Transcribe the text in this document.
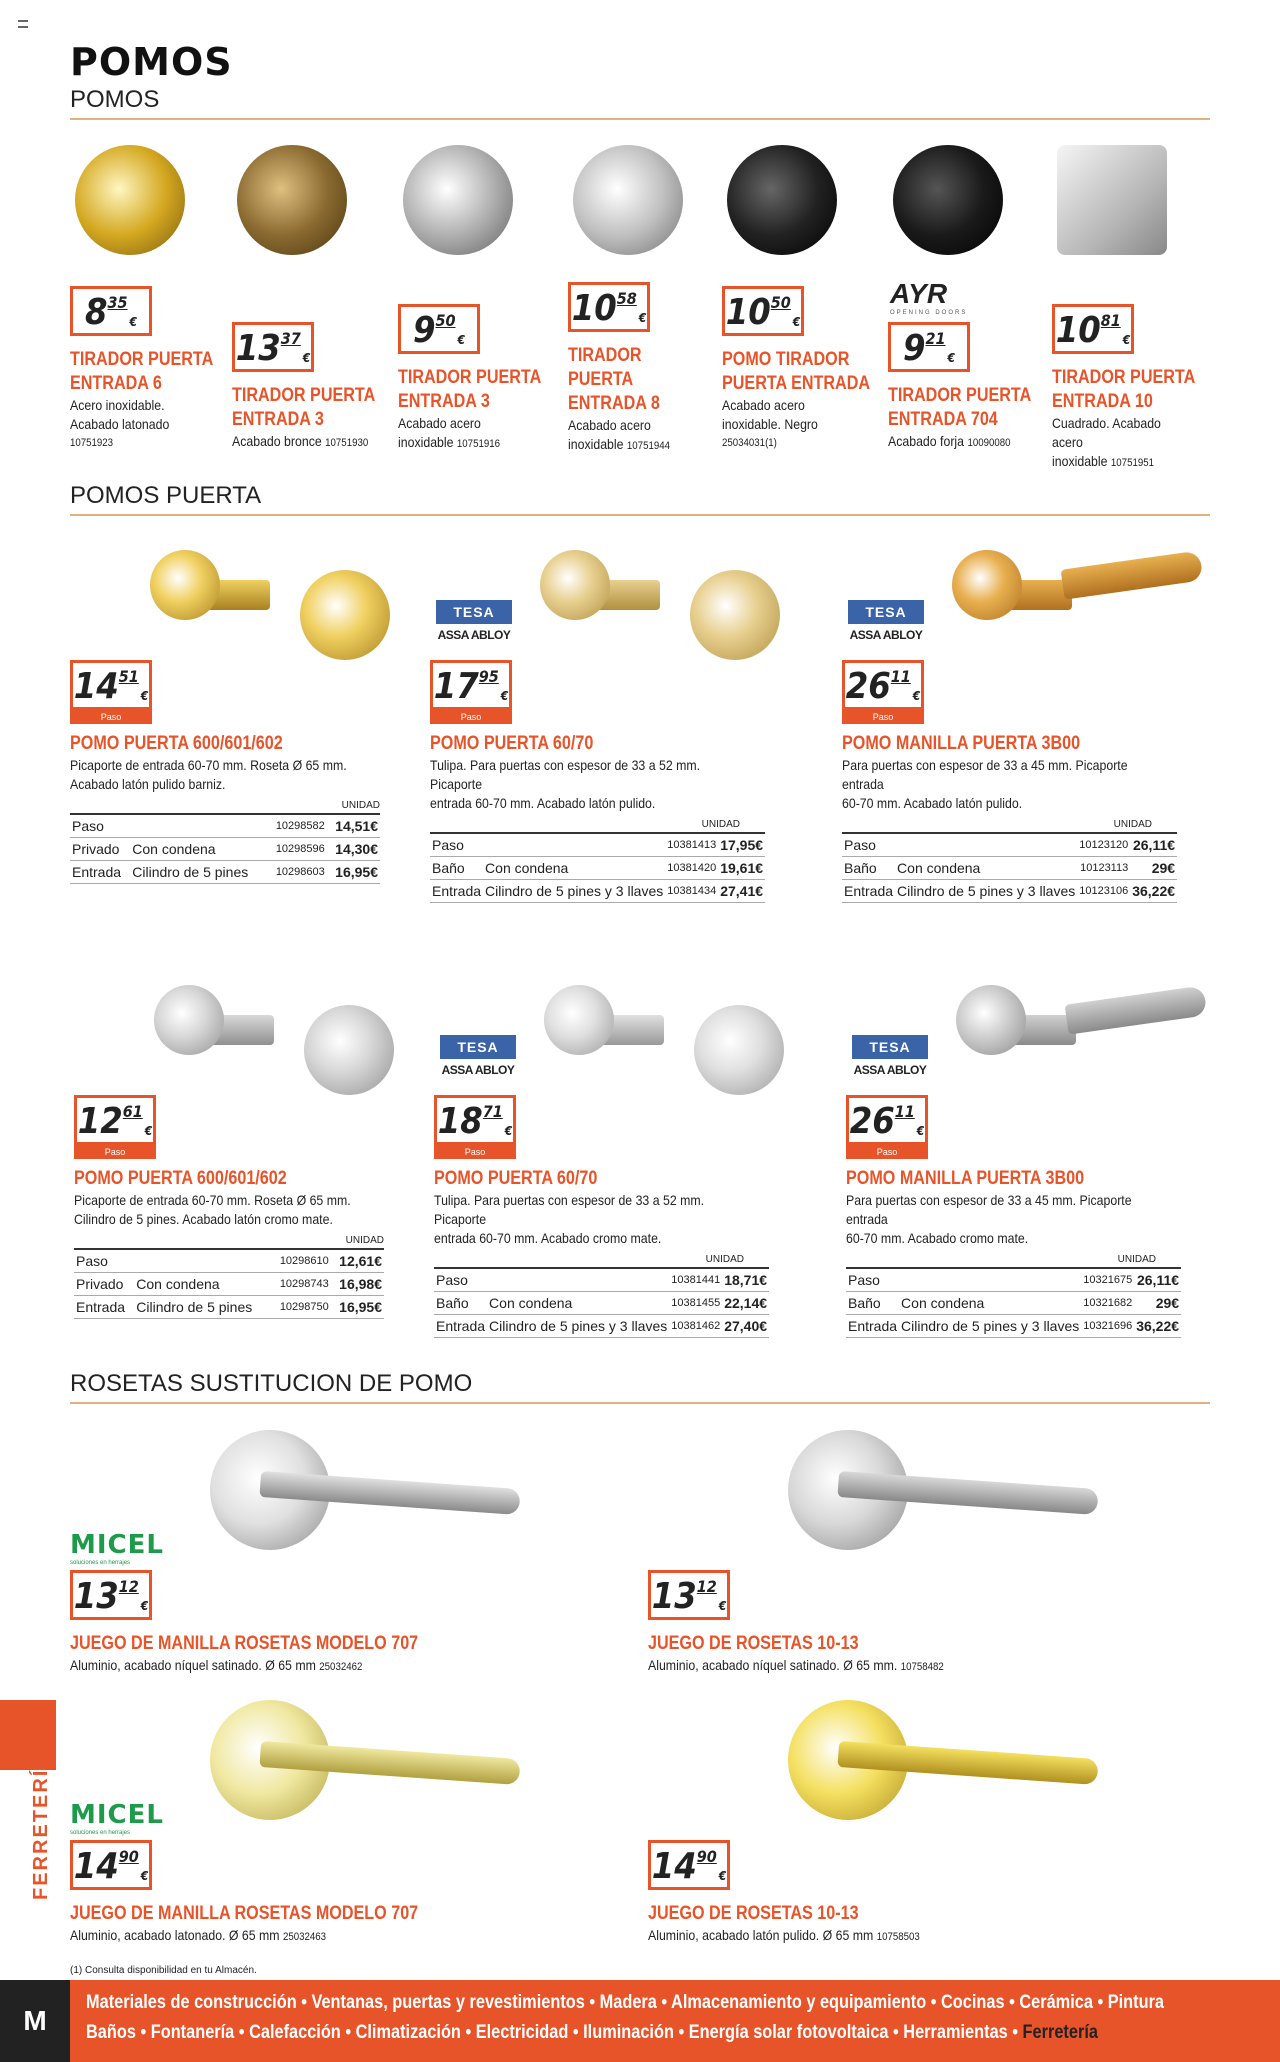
POMOS
POMOS
8 35
€
TIRADOR PUERTA
ENTRADA 6
Acero inoxidable.
Acabado latonado
10751923
13 37
€
TIRADOR PUERTA
ENTRADA 3
Acabado bronce 10751930
9 50
€
TIRADOR PUERTA
ENTRADA 3
Acabado acero
inoxidable 10751916
10 58
€
TIRADOR
PUERTA
ENTRADA 8
Acabado acero
inoxidable 10751944
10 50
€
POMO TIRADOR
PUERTA ENTRADA
Acabado acero
inoxidable. Negro
25034031(1)
AYR
OPENING DOORS
9 21
€
TIRADOR PUERTA
ENTRADA 704
Acabado forja 10090080
10 81
€
TIRADOR PUERTA
ENTRADA 10
Cuadrado. Acabado acero
inoxidable 10751951
POMOS PUERTA
14 51
€
Paso
POMO PUERTA 600/601/602
Picaporte de entrada 60-70 mm. Roseta Ø 65 mm.
Acabado latón pulido barniz.
UNIDAD
Paso		10298582	14,51€
Privado	Con condena	10298596	14,30€
Entrada	Cilindro de 5 pines	10298603	16,95€
TESA
ASSA ABLOY
17 95
€
Paso
POMO PUERTA 60/70
Tulipa. Para puertas con espesor de 33 a 52 mm. Picaporte
entrada 60-70 mm. Acabado latón pulido.
UNIDAD
Paso		10381413	17,95€
Baño	Con condena	10381420	19,61€
Entrada	Cilindro de 5 pines y 3 llaves	10381434	27,41€
TESA
ASSA ABLOY
26 11
€
Paso
POMO MANILLA PUERTA 3B00
Para puertas con espesor de 33 a 45 mm. Picaporte entrada
60-70 mm. Acabado latón pulido.
UNIDAD
Paso		10123120	26,11€
Baño	Con condena	10123113	29€
Entrada	Cilindro de 5 pines y 3 llaves	10123106	36,22€
12 61
€
Paso
POMO PUERTA 600/601/602
Picaporte de entrada 60-70 mm. Roseta Ø 65 mm.
Cilindro de 5 pines. Acabado latón cromo mate.
UNIDAD
Paso		10298610	12,61€
Privado	Con condena	10298743	16,98€
Entrada	Cilindro de 5 pines	10298750	16,95€
TESA
ASSA ABLOY
18 71
€
Paso
POMO PUERTA 60/70
Tulipa. Para puertas con espesor de 33 a 52 mm. Picaporte
entrada 60-70 mm. Acabado cromo mate.
UNIDAD
Paso		10381441	18,71€
Baño	Con condena	10381455	22,14€
Entrada	Cilindro de 5 pines y 3 llaves	10381462	27,40€
TESA
ASSA ABLOY
26 11
€
Paso
POMO MANILLA PUERTA 3B00
Para puertas con espesor de 33 a 45 mm. Picaporte entrada
60-70 mm. Acabado cromo mate.
UNIDAD
Paso		10321675	26,11€
Baño	Con condena	10321682	29€
Entrada	Cilindro de 5 pines y 3 llaves	10321696	36,22€
ROSETAS SUSTITUCION DE POMO
MICEL
soluciones en herrajes
13 12
€
JUEGO DE MANILLA ROSETAS MODELO 707
Aluminio, acabado níquel satinado. Ø 65 mm 25032462
13 12
€
JUEGO DE ROSETAS 10-13
Aluminio, acabado níquel satinado. Ø 65 mm. 10758482
MICEL
soluciones en herrajes
14 90
€
JUEGO DE MANILLA ROSETAS MODELO 707
Aluminio, acabado latonado. Ø 65 mm 25032463
14 90
€
JUEGO DE ROSETAS 10-13
Aluminio, acabado latón pulido. Ø 65 mm 10758503
(1) Consulta disponibilidad en tu Almacén.
FERRETERÍA
M
Materiales de construcción • Ventanas, puertas y revestimientos • Madera • Almacenamiento y equipamiento • Cocinas • Cerámica • Pintura
Baños • Fontanería • Calefacción • Climatización • Electricidad • Iluminación • Energía solar fotovoltaica • Herramientas • Ferretería
